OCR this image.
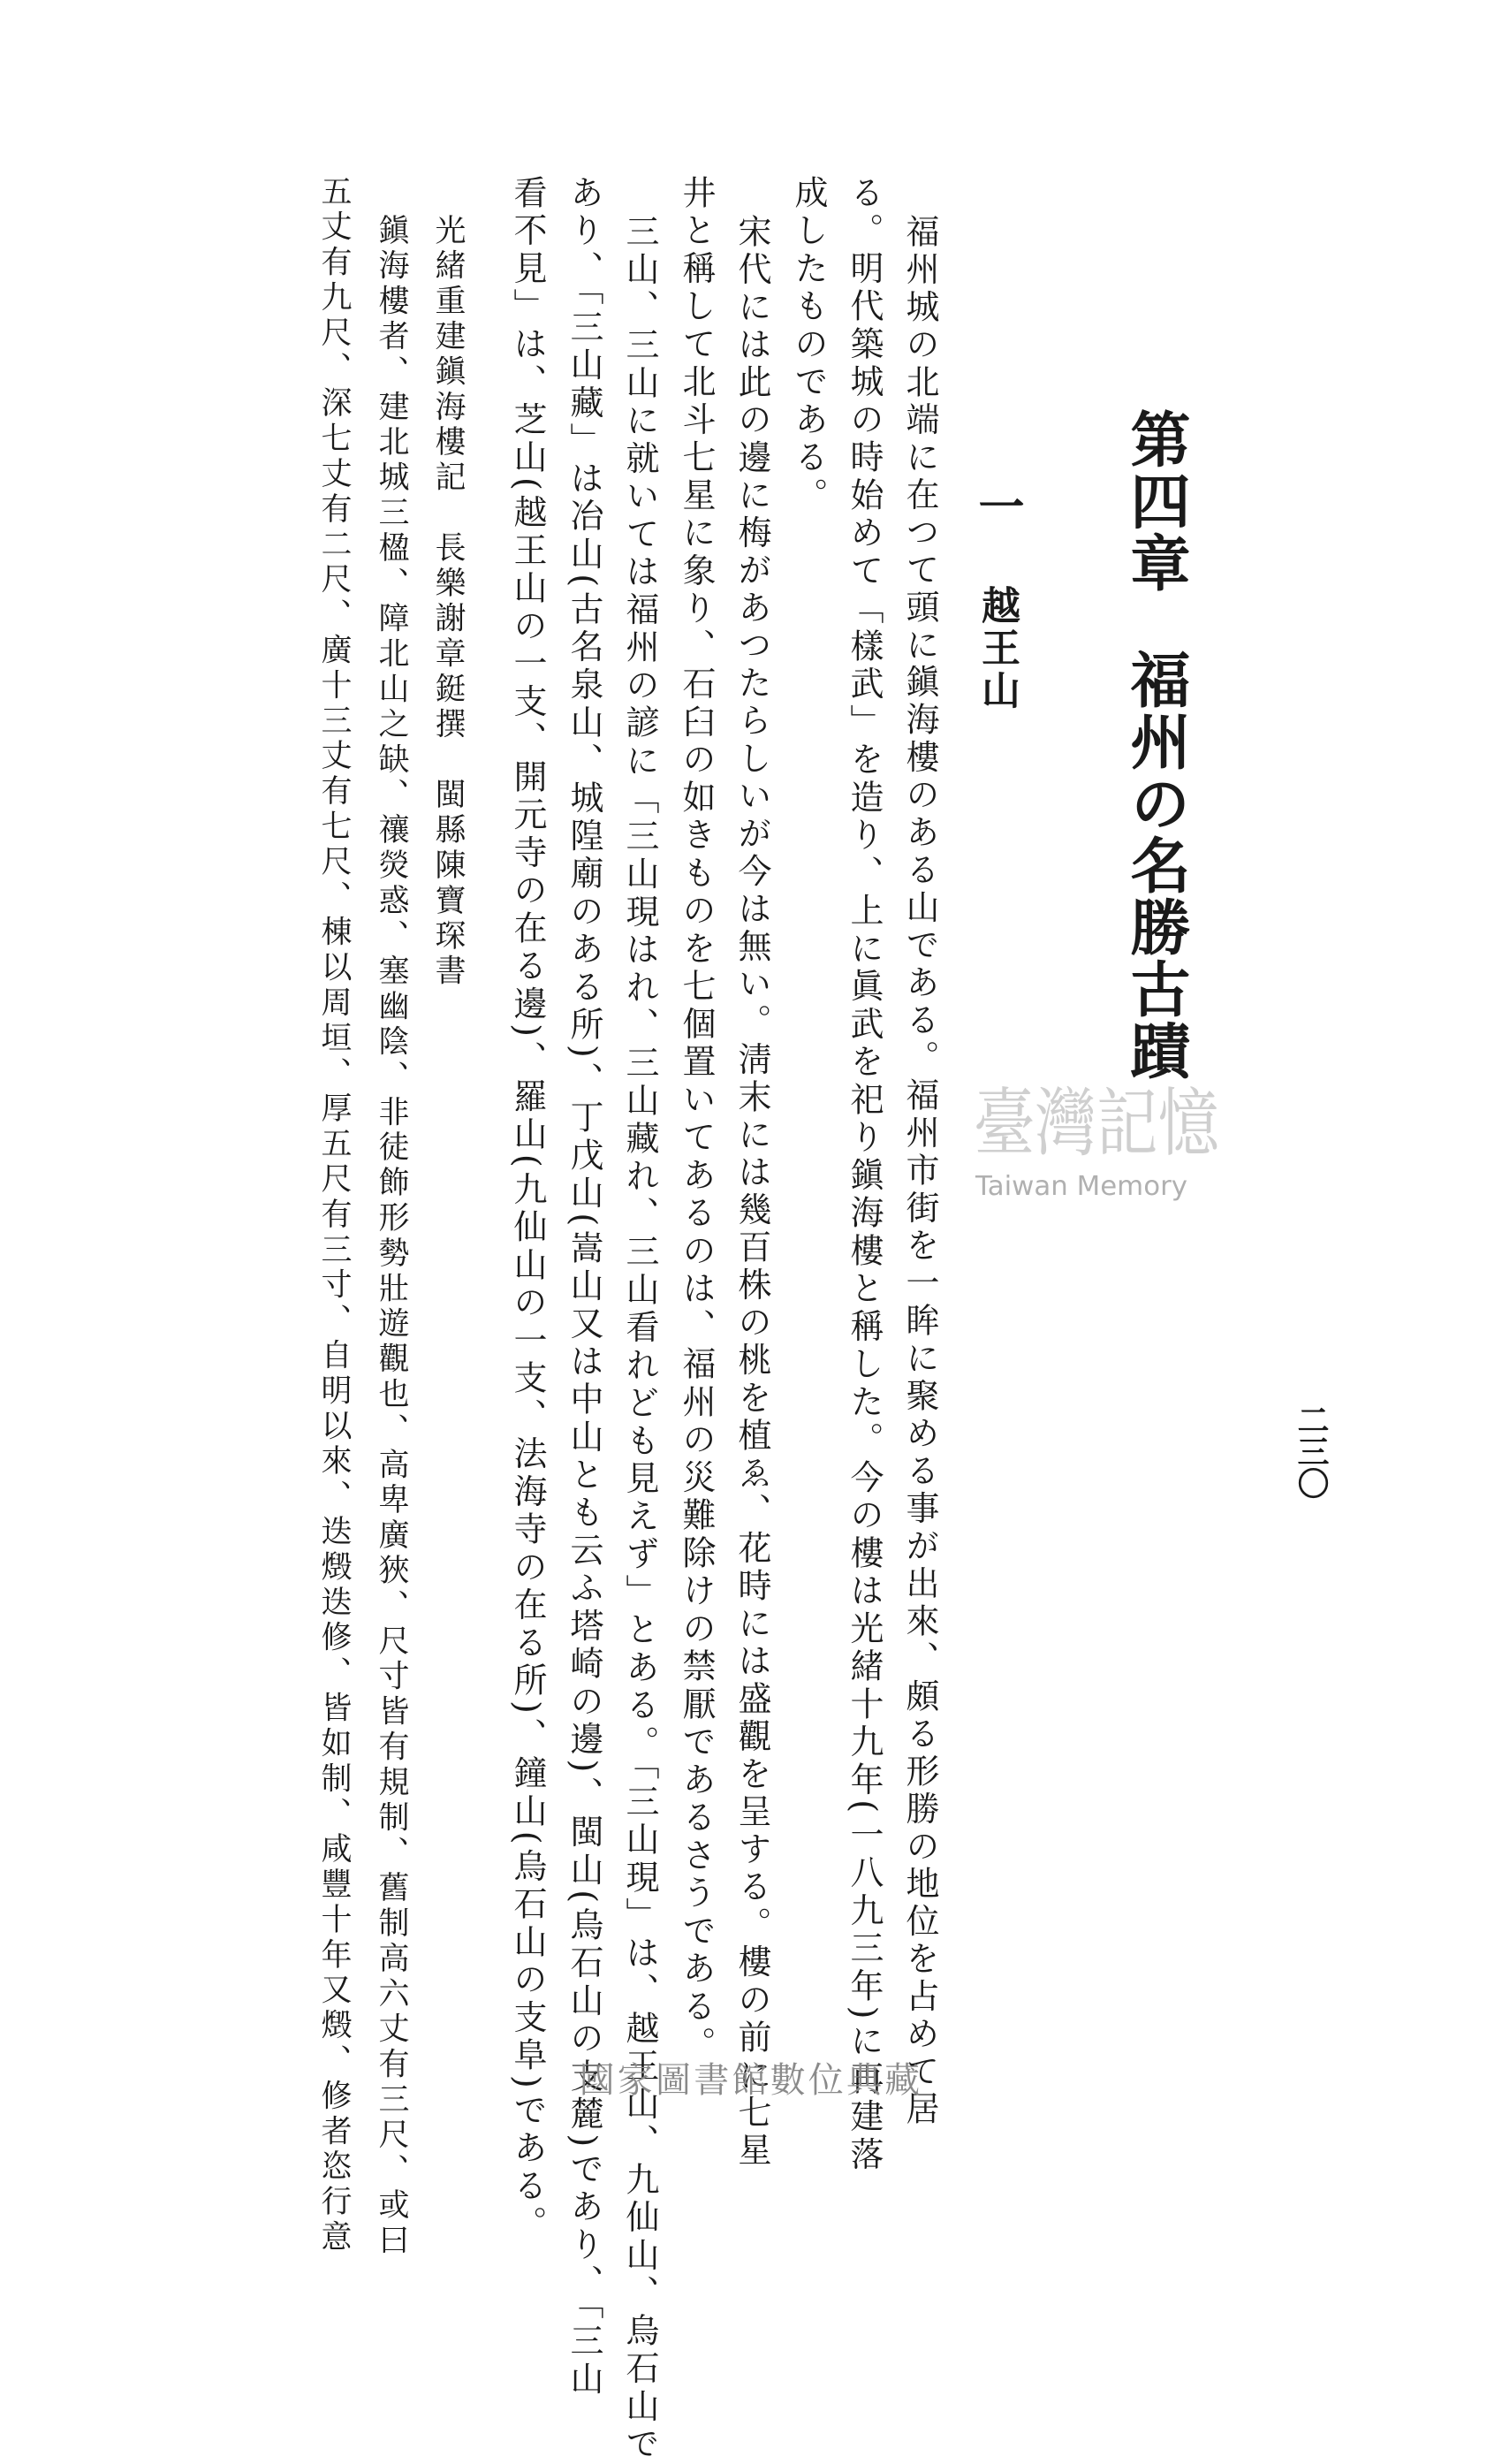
第四章福州の名勝古蹟
一越王山
福州城の北端に在つて頭に鎭海樓のある山である。福州市街を一眸に聚める事が出來、頗る形勝の地位を占めて居
る。明代築城の時始めて「樣武」を造り、上に眞武を祀り鎭海樓と稱した。今の樓は光緒十九年(一八九三年)に再建落
成したものである。
宋代には此の邊に梅があつたらしいが今は無い。淸末には幾百株の桃を植ゑ、花時には盛觀を呈する。樓の前に七星
井と稱して北斗七星に象り、石臼の如きものを七個置いてあるのは、福州の災難除けの禁厭であるさうである。
三山、三山に就いては福州の諺に「三山現はれ、三山藏れ、三山看れども見えず」とある。「三山現」は、越王山、九仙山、烏石山で
あり、「三山藏」は冶山(古名泉山、城隍廟のある所)、丁戊山(嵩山又は中山とも云ふ塔崎の邊)、閩山(烏石山の支麓)であり、「三山
看不見」は、芝山(越王山の一支、開元寺の在る邊)、羅山(九仙山の一支、法海寺の在る所)、鐘山(烏石山の支阜)である。
光緒重建鎭海樓記　長樂謝章鋌撰　閩縣陳寶琛書
鎭海樓者、建北城三楹、障北山之缺、禳熒惑、塞幽陰、非徒飾形勢壯遊觀也、高卑廣狹、尺寸皆有規制、舊制高六丈有三尺、或曰
五丈有九尺、深七丈有二尺、廣十三丈有七尺、棟以周垣、厚五尺有三寸、自明以來、迭燬迭修、皆如制、咸豐十年又燬、修者恣行意	二三〇
臺灣記憶
Taiwan Memory
國家圖書館數位典藏
